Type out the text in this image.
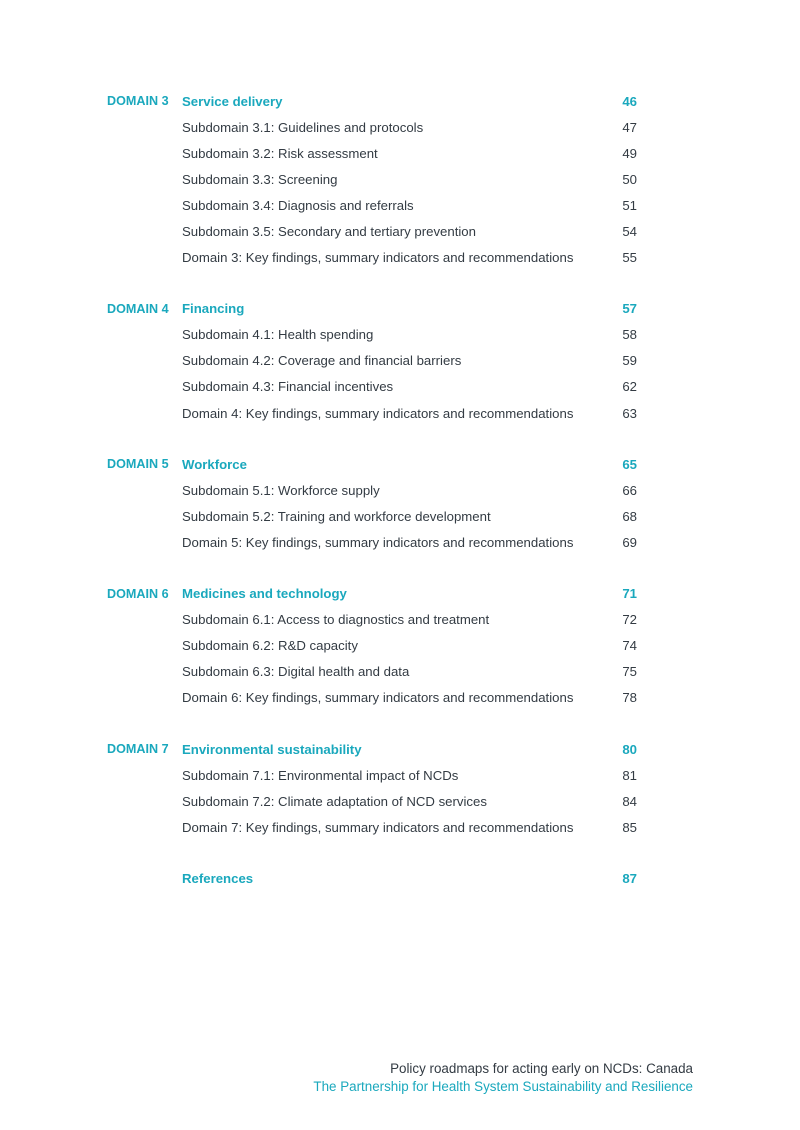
DOMAIN 3	Service delivery	46
Subdomain 3.1: Guidelines and protocols	47
Subdomain 3.2: Risk assessment	49
Subdomain 3.3: Screening	50
Subdomain 3.4: Diagnosis and referrals	51
Subdomain 3.5: Secondary and tertiary prevention	54
Domain 3: Key findings, summary indicators and recommendations	55
DOMAIN 4	Financing	57
Subdomain 4.1: Health spending	58
Subdomain 4.2: Coverage and financial barriers	59
Subdomain 4.3: Financial incentives	62
Domain 4: Key findings, summary indicators and recommendations	63
DOMAIN 5	Workforce	65
Subdomain 5.1: Workforce supply	66
Subdomain 5.2: Training and workforce development	68
Domain 5: Key findings, summary indicators and recommendations	69
DOMAIN 6	Medicines and technology	71
Subdomain 6.1: Access to diagnostics and treatment	72
Subdomain 6.2: R&D capacity	74
Subdomain 6.3: Digital health and data	75
Domain 6: Key findings, summary indicators and recommendations	78
DOMAIN 7	Environmental sustainability	80
Subdomain 7.1: Environmental impact of NCDs	81
Subdomain 7.2: Climate adaptation of NCD services	84
Domain 7: Key findings, summary indicators and recommendations	85
References	87
Policy roadmaps for acting early on NCDs: Canada
The Partnership for Health System Sustainability and Resilience
